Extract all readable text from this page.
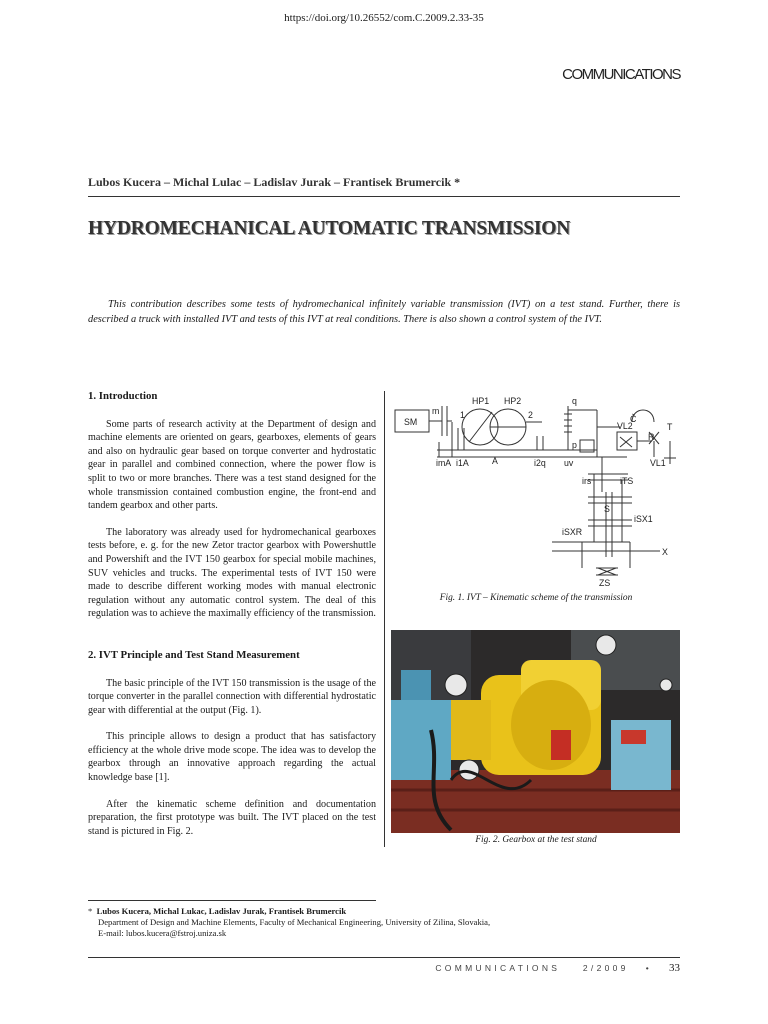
https://doi.org/10.26552/com.C.2009.2.33-35
COMMUNICATIONS
Lubos Kucera – Michal Lulac – Ladislav Jurak – Frantisek Brumercik *
HYDROMECHANICAL AUTOMATIC TRANSMISSION
This contribution describes some tests of hydromechanical infinitely variable transmission (IVT) on a test stand. Further, there is described a truck with installed IVT and tests of this IVT at real conditions. There is also shown a control system of the IVT.
1. Introduction

Some parts of research activity at the Department of design and machine elements are oriented on gears, gearboxes, elements of gears and also on hydraulic gear based on torque converter and hydrostatic gear in parallel and combined connection, where the power flow is split to two or more branches. There was a test stand designed for the whole transmission contained combustion engine, the front-end and tandem gearbox and other parts.

The laboratory was already used for hydromechanical gearboxes tests before, e. g. for the new Zetor tractor gearbox with Powershuttle and Powershift and the IVT 150 gearbox for special mobile machines, SUV vehicles and trucks. The experimental tests of IVT 150 were made to describe different working modes with manual electronic regulation without any automatic control system. The deal of this regulation was to achieve the maximally efficiency of the transmission.

2. IVT Principle and Test Stand Measurement

The basic principle of the IVT 150 transmission is the usage of the torque converter in the parallel connection with differential hydrostatic gear with differential at the output (Fig. 1).

This principle allows to design a product that has satisfactory efficiency at the whole drive mode scope. The idea was to develop the gearbox through an innovative approach regarding the actual knowledge base [1].

After the kinematic scheme definition and documentation preparation, the first prototype was built. The IVT placed on the test stand is pictured in Fig. 2.

SM
m
HP1 HP2
1	2
q
Č
T
VL2
R
VL1
p
imA i1A	A	i2q uv
irs	iTS
S
iSX1
iSXR
X
ZS
Fig. 1. IVT – Kinematic scheme of the transmission
Fig. 2. Gearbox at the test stand
*  Lubos Kucera, Michal Lukac, Ladislav Jurak, Frantisek Brumercik
Department of Design and Machine Elements, Faculty of Mechanical Engineering, University of Zilina, Slovakia,
E-mail: lubos.kucera@fstroj.uniza.sk
COMMUNICATIONS	2/2009 • 33
